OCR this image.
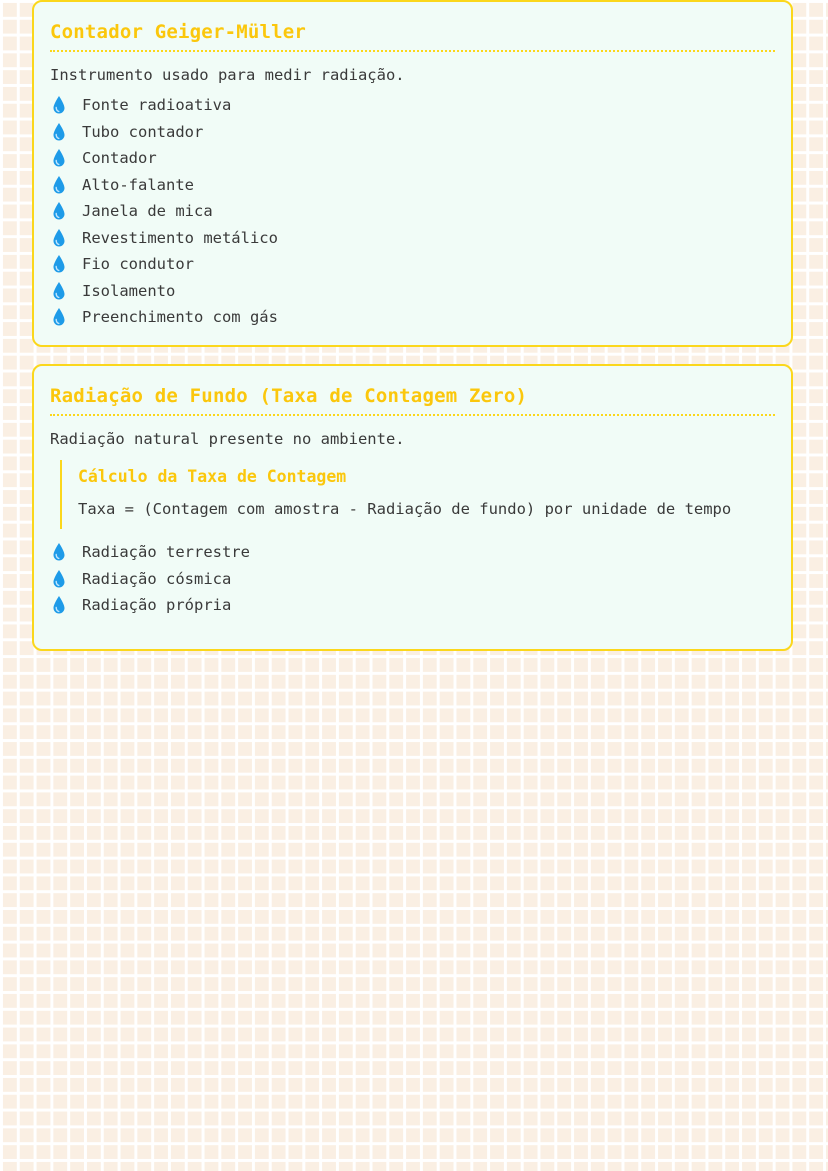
Contador Geiger-Müller

Instrumento usado para medir radiação.

Fonte radioativa
Tubo contador
Contador
Alto-falante
Janela de mica
Revestimento metálico
Fio condutor
Isolamento
Preenchimento com gás
Radiação de Fundo (Taxa de Contagem Zero)

Radiação natural presente no ambiente.

Cálculo da Taxa de Contagem

Taxa = (Contagem com amostra - Radiação de fundo) por unidade de tempo

Radiação terrestre
Radiação cósmica
Radiação própria
